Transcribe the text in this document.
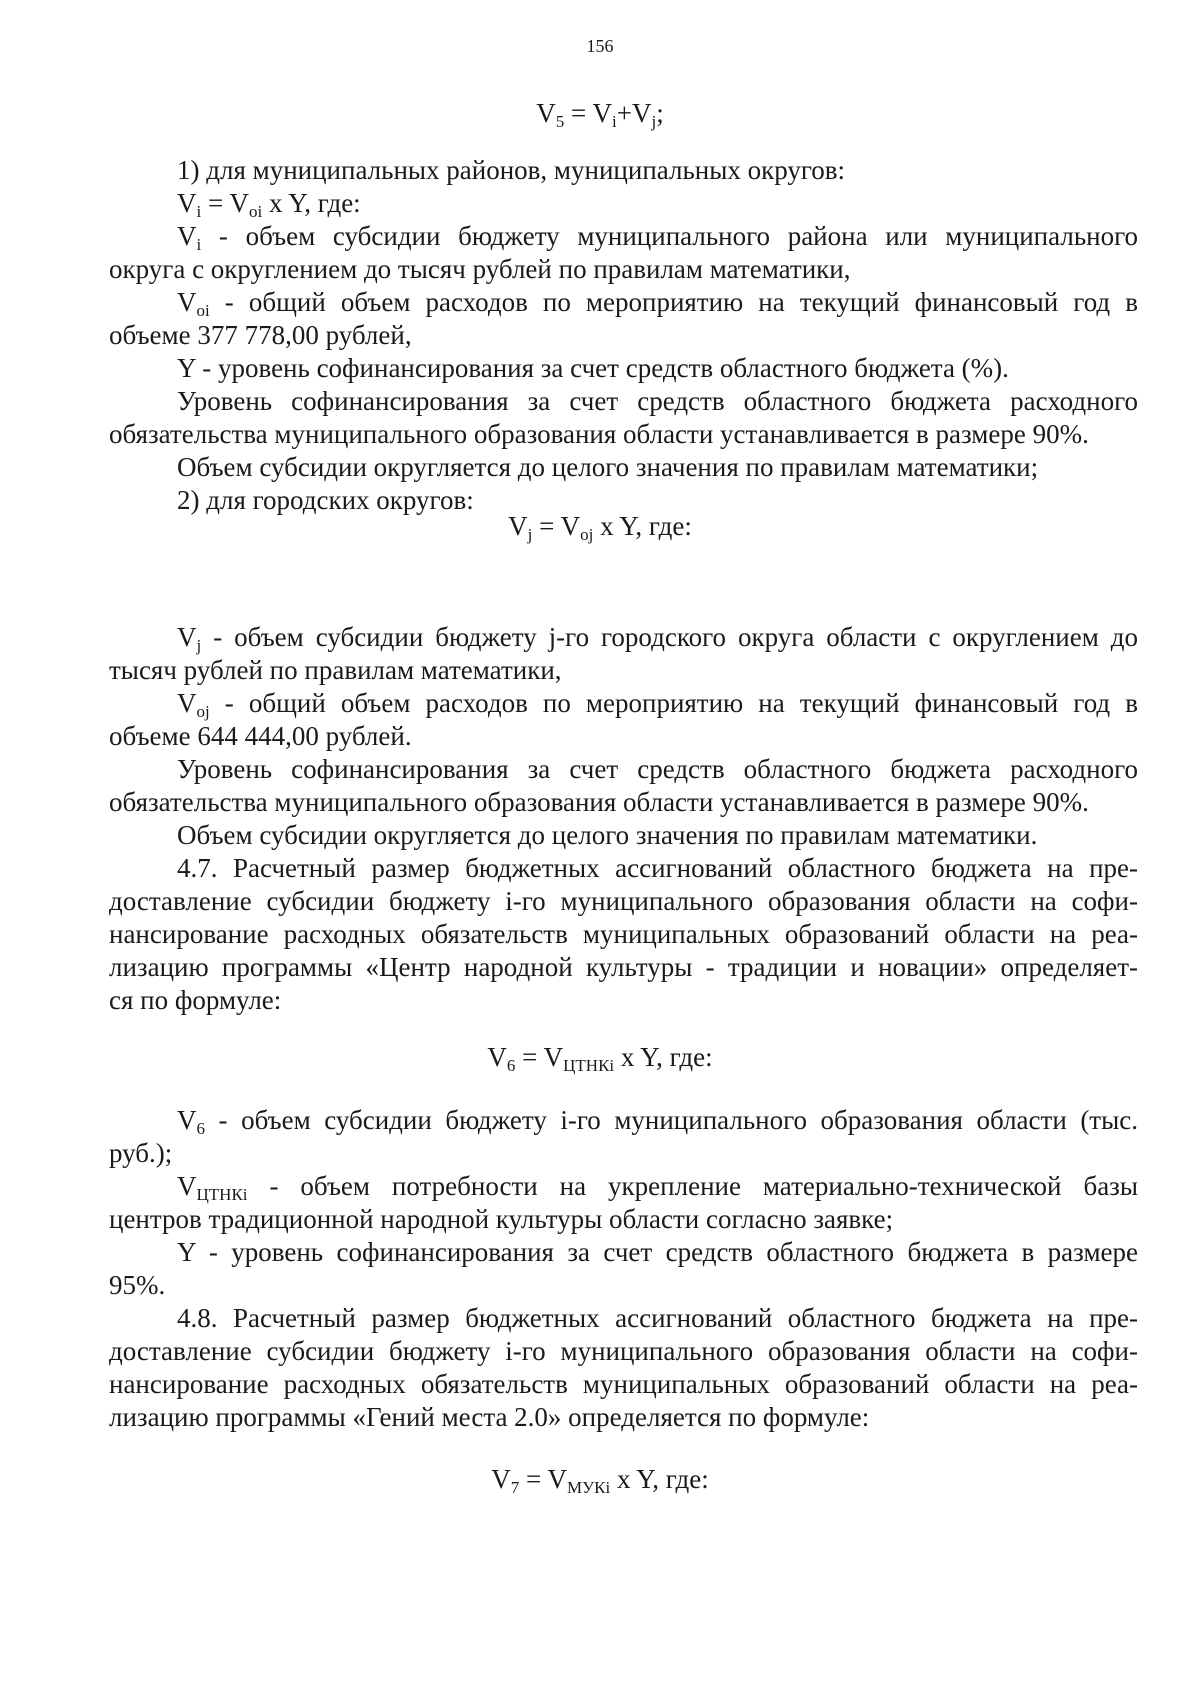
156
$V_5 = V_i+V_j$;

1) для муниципальных районов, муниципальных округов:

$V_i = V_{oi}$ x Y, где:

$V_i$ - объем субсидии бюджету муниципального района или муниципального

округа с округлением до тысяч рублей по правилам математики,

$V_{oi}$ - общий объем расходов по мероприятию на текущий финансовый год в

объеме 377 778,00 рублей,

Y - уровень софинансирования за счет средств областного бюджета (%).

Уровень софинансирования за счет средств областного бюджета расходного

обязательства муниципального образования области устанавливается в размере 90%.

Объем субсидии округляется до целого значения по правилам математики;

2) для городских округов:

$V_j = V_{oj}$ x Y, где:

$V_j$ - объем субсидии бюджету j-го городского округа области с округлением до

тысяч рублей по правилам математики,

$V_{oj}$ - общий объем расходов по мероприятию на текущий финансовый год в

объеме 644 444,00 рублей.

Уровень софинансирования за счет средств областного бюджета расходного

обязательства муниципального образования области устанавливается в размере 90%.

Объем субсидии округляется до целого значения по правилам математики.

4.7. Расчетный размер бюджетных ассигнований областного бюджета на пре-

доставление субсидии бюджету i-го муниципального образования области на софи-

нансирование расходных обязательств муниципальных образований области на реа-

лизацию программы «Центр народной культуры - традиции и новации» определяет-

ся по формуле:

$V_6 = V_{ЦТНКi}$ x Y, где:

$V_6$ - объем субсидии бюджету i-го муниципального образования области (тыс.

руб.);

$V_{ЦТНКi}$ - объем потребности на укрепление материально-технической базы

центров традиционной народной культуры области согласно заявке;

Y - уровень софинансирования за счет средств областного бюджета в размере

95%.

4.8. Расчетный размер бюджетных ассигнований областного бюджета на пре-

доставление субсидии бюджету i-го муниципального образования области на софи-

нансирование расходных обязательств муниципальных образований области на реа-

лизацию программы «Гений места 2.0» определяется по формуле:

$V_7 = V_{МУКi}$ x Y, где:
